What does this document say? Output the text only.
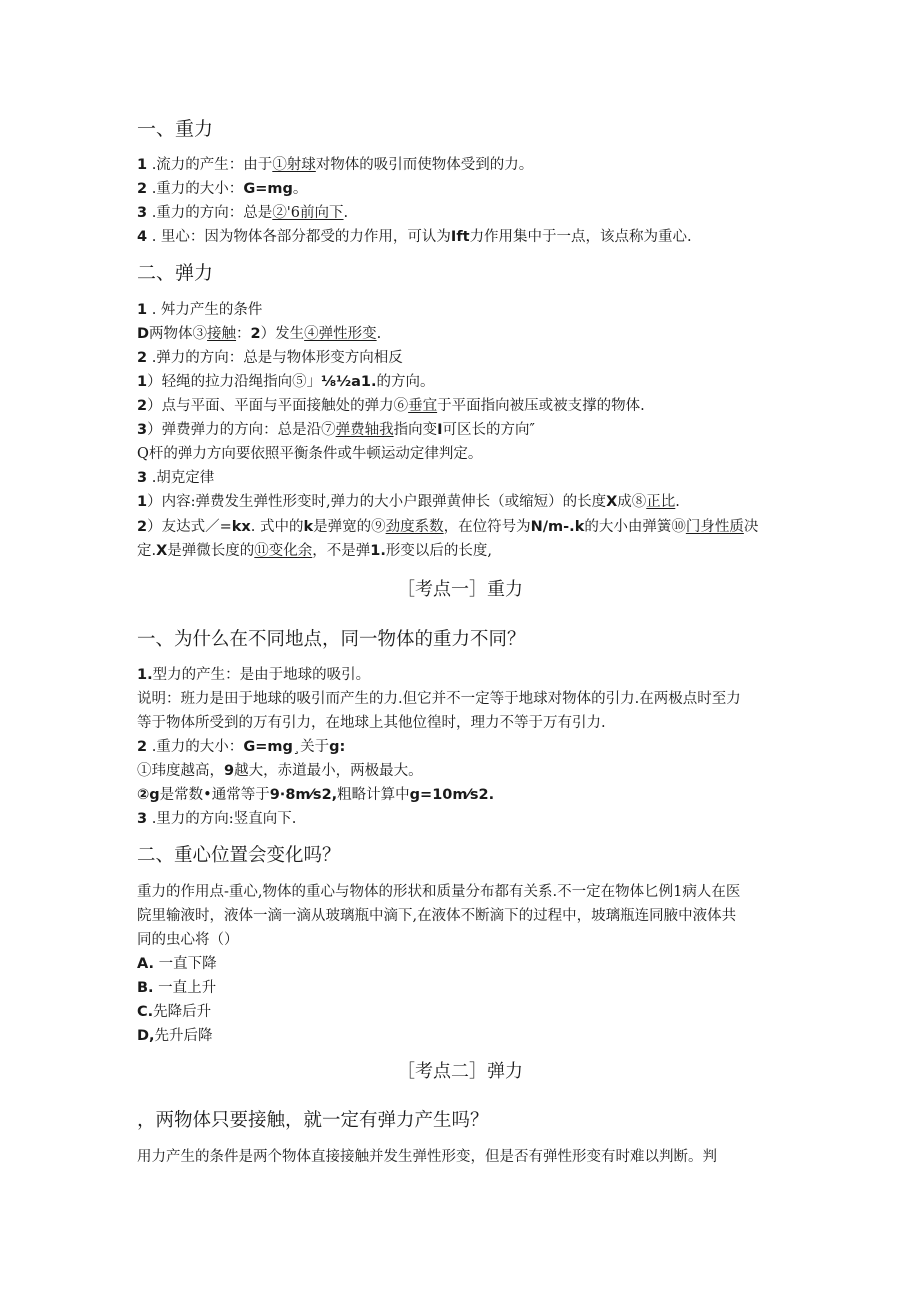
一、重力
1 .流力的产生：由于①射球对物体的吸引而使物体受到的力。
2 .重力的大小：G=mg。
3 .重力的方向：总是②'6前向下.
4 . 里心：因为物体各部分都受的力作用，可认为Ift力作用集中于一点，该点称为重心.
二、弹力
1 . 舛力产生的条件
D两物体③接触：2）发生④弹性形变.
2 .弹力的方向：总是与物体形变方向相反
1）轻绳的拉力沿绳指向⑤」⅛½a1.的方向。
2）点与平面、平面与平面接触处的弹力⑥垂宜于平面指向被压或被支撑的物体.
3）弹费弹力的方向：总是沿⑦弹费轴我指向变I可区长的方向″
Q杆的弹力方向要依照平衡条件或牛顿运动定律判定。
3 .胡克定律
1）内容:弹费发生弹性形变时,弹力的大小户跟弹黄伸长（或缩短）的长度X成⑧正比.
2）友达式／=kx. 式中的k是弹宽的⑨劲度系数，在位符号为N/m-.k的大小由弹簧⑩门身性质决
定.X是弹微长度的⑪变化余，不是弹1.形变以后的长度,
［考点一］重力
一、为什么在不同地点，同一物体的重力不同？
1.型力的产生：是由于地球的吸引。
说明：班力是田于地球的吸引而产生的力.但它并不一定等于地球对物体的引力.在两极点时至力
等于物体所受到的万有引力，在地球上其他位徨时，理力不等于万有引力.
2 .重力的大小：G=mg¸关于g:
①玮度越高，9越大，赤道最小，两极最大。
②g是常数•通常等于9∙8m⁄s2,粗略计算中g=10m⁄s2.
3 .里力的方向:竖直向下.
二、重心位置会变化吗？
重力的作用点-重心,物体的重心与物体的形状和质量分布都有关系.不一定在物体匕例1病人在医
院里输液时，液体一滴一滴从玻璃瓶中滴下,在液体不断滴下的过程中，坡璃瓶连同腋中液体共
同的虫心将（）
A. 一直下降
B. 一直上升
C.先降后升
D,先升后降
［考点二］弹力
，两物体只要接触，就一定有弹力产生吗？
用力产生的条件是两个物体直接接触并发生弹性形变，但是否有弹性形变有时难以判断。判
